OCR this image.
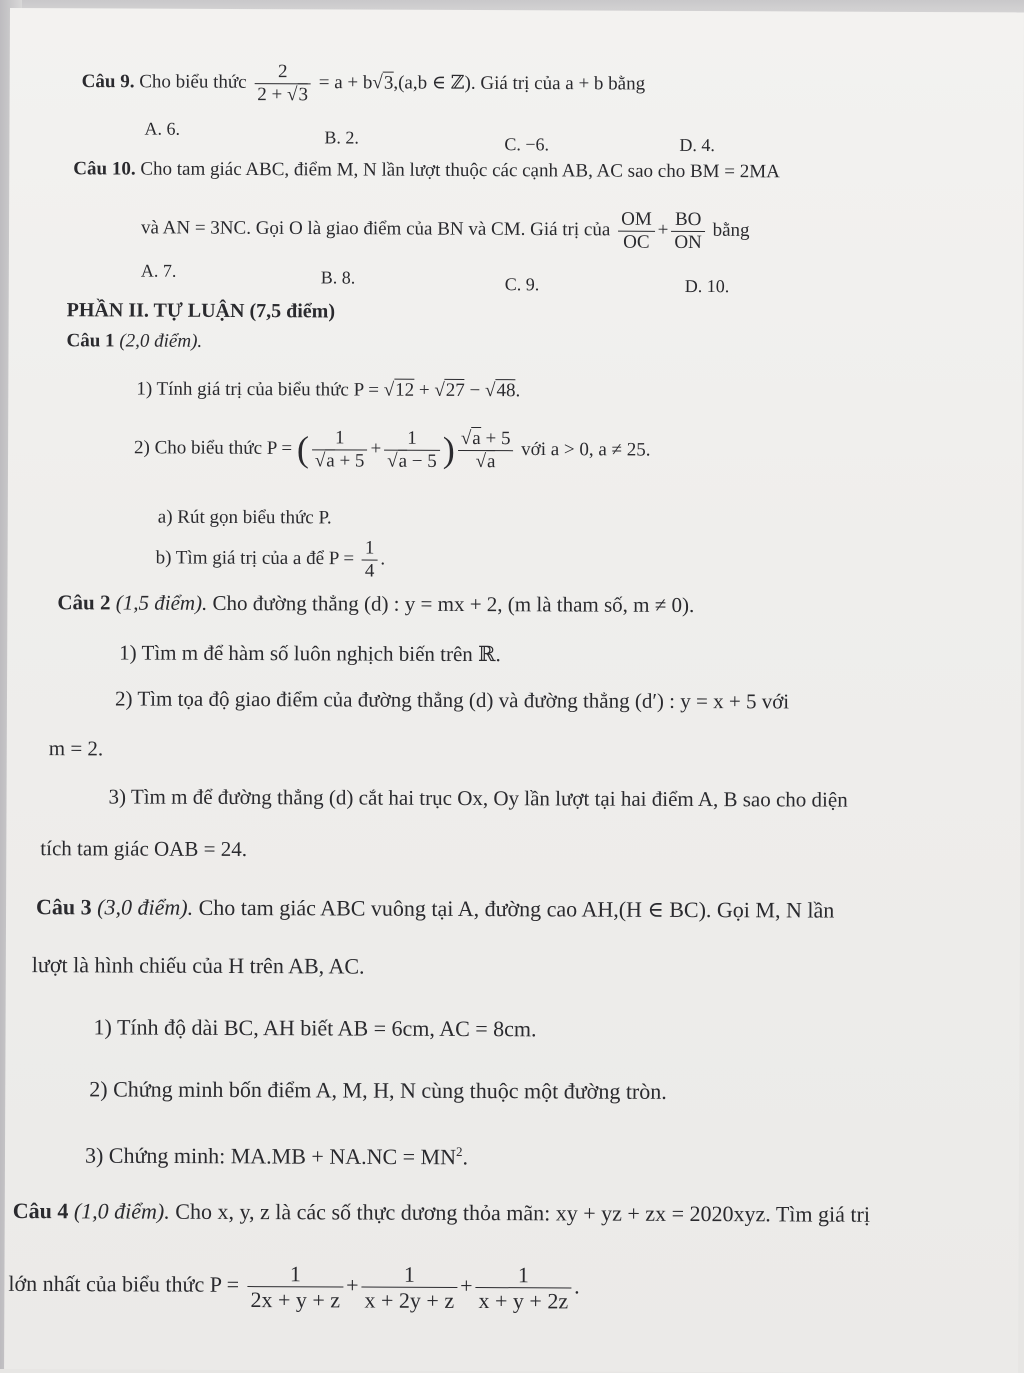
Câu 9. Cho biểu thức $\frac{2}{2 + √3} = a + b√3,(a,b$ ∈ ℤ). Giá trị của a + b bằng
A. 6.	B. 2.	C. −6.	D. 4.
Câu 10. Cho tam giác ABC, điểm M, N lần lượt thuộc các cạnh AB, AC sao cho BM = 2MA
và AN = 3NC. Gọi O là giao điểm của BN và CM. Giá trị của $\frac{OM}{OC} + \frac{BO}{ON}$ bằng
A. 7.	B. 8.	C. 9.	D. 10.
PHẦN II. TỰ LUẬN (7,5 điểm)
Câu 1 (2,0 điểm).
1) Tính giá trị của biểu thức P = √12 + √27 − √48.
2) Cho biểu thức P = ( $\frac{1}{√a + 5} + \frac{1}{√a - 5}$ ) $\frac{√a + 5}{√a}$ với a > 0, a ≠ 25.
a) Rút gọn biểu thức P.
b) Tìm giá trị của a để $P = \frac{1}{4}$ .
Câu 2 (1,5 điểm). Cho đường thẳng (d) : y = mx + 2, (m là tham số, m ≠ 0).
1) Tìm m để hàm số luôn nghịch biến trên ℝ.
2) Tìm tọa độ giao điểm của đường thẳng (d) và đường thẳng (d′) : y = x + 5 với
m = 2.
3) Tìm m để đường thẳng (d) cắt hai trục Ox, Oy lần lượt tại hai điểm A, B sao cho diện
tích tam giác OAB = 24.
Câu 3 (3,0 điểm). Cho tam giác ABC vuông tại A, đường cao AH,(H ∈ BC). Gọi M, N lần
lượt là hình chiếu của H trên AB, AC.
1) Tính độ dài BC, AH biết AB = 6cm, AC = 8cm.
2) Chứng minh bốn điểm A, M, H, N cùng thuộc một đường tròn.
3) Chứng minh: $MA.MB + NA.NC = MN^2$.
Câu 4 (1,0 điểm). Cho x, y, z là các số thực dương thỏa mãn: xy + yz + zx = 2020xyz. Tìm giá trị
lớn nhất của biểu thức $P = \frac{1}{2x + y + z} + \frac{1}{x + 2y + z} + \frac{1}{x + y + 2z}$ .
